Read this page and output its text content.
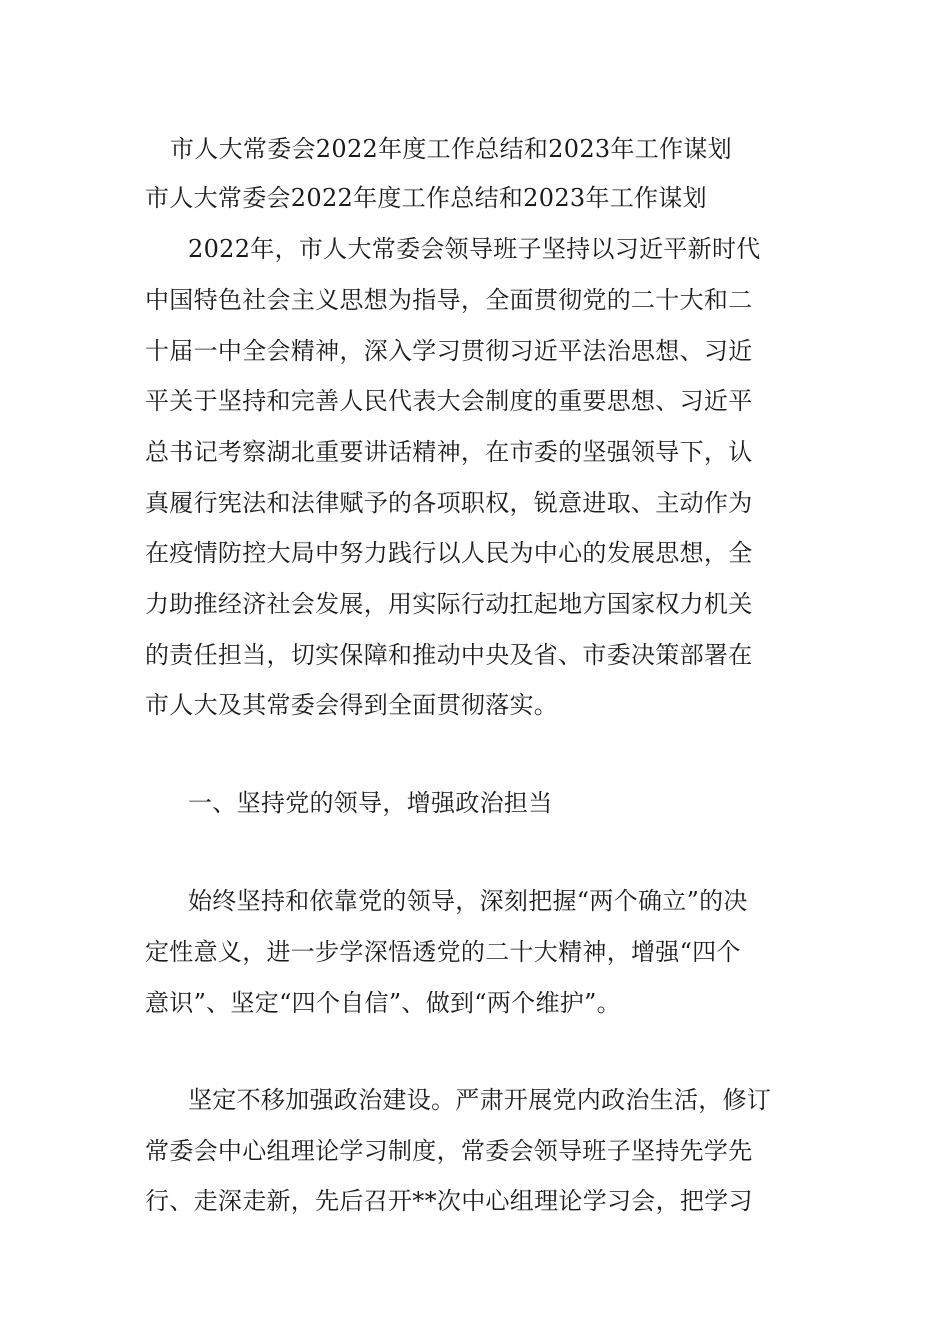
市人大常委会2022年度工作总结和2023年工作谋划
市人大常委会2022年度工作总结和2023年工作谋划
2022年，市人大常委会领导班子坚持以习近平新时代
中国特色社会主义思想为指导，全面贯彻党的二十大和二
十届一中全会精神，深入学习贯彻习近平法治思想、习近
平关于坚持和完善人民代表大会制度的重要思想、习近平
总书记考察湖北重要讲话精神，在市委的坚强领导下，认
真履行宪法和法律赋予的各项职权，锐意进取、主动作为
在疫情防控大局中努力践行以人民为中心的发展思想，全
力助推经济社会发展，用实际行动扛起地方国家权力机关
的责任担当，切实保障和推动中央及省、市委决策部署在
市人大及其常委会得到全面贯彻落实。
一、坚持党的领导，增强政治担当
始终坚持和依靠党的领导，深刻把握“两个确立”的决
定性意义，进一步学深悟透党的二十大精神，增强“四个
意识”、坚定“四个自信”、做到“两个维护”。
坚定不移加强政治建设。严肃开展党内政治生活，修订
常委会中心组理论学习制度，常委会领导班子坚持先学先
行、走深走新，先后召开**次中心组理论学习会，把学习
